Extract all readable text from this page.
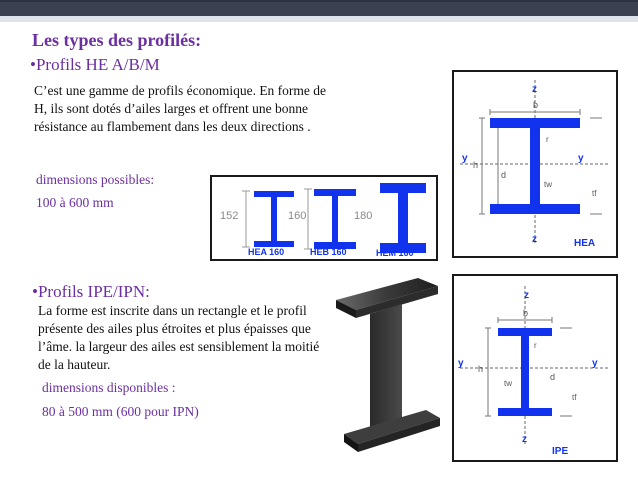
Les types des profilés:
•Profils HE A/B/M
C’est une gamme de profils économique. En forme de H, ils sont dotés d’ailes larges et offrent une bonne résistance au flambement dans les deux directions .
dimensions possibles:
100 à 600 mm
152
HEA 160
160
HEB 160
180
HEM 160
z
z
y	y
b
h
d
tw
tf
r
HEA
•Profils IPE/IPN:
La forme est inscrite dans un rectangle et le profil présente des ailes plus étroites et plus épaisses que l’âme. la largeur des ailes est sensiblement la moitié de la hauteur.
dimensions disponibles :
80 à 500 mm (600 pour IPN)
z
z
y	y
b
h
d
tw
tf
r
IPE
